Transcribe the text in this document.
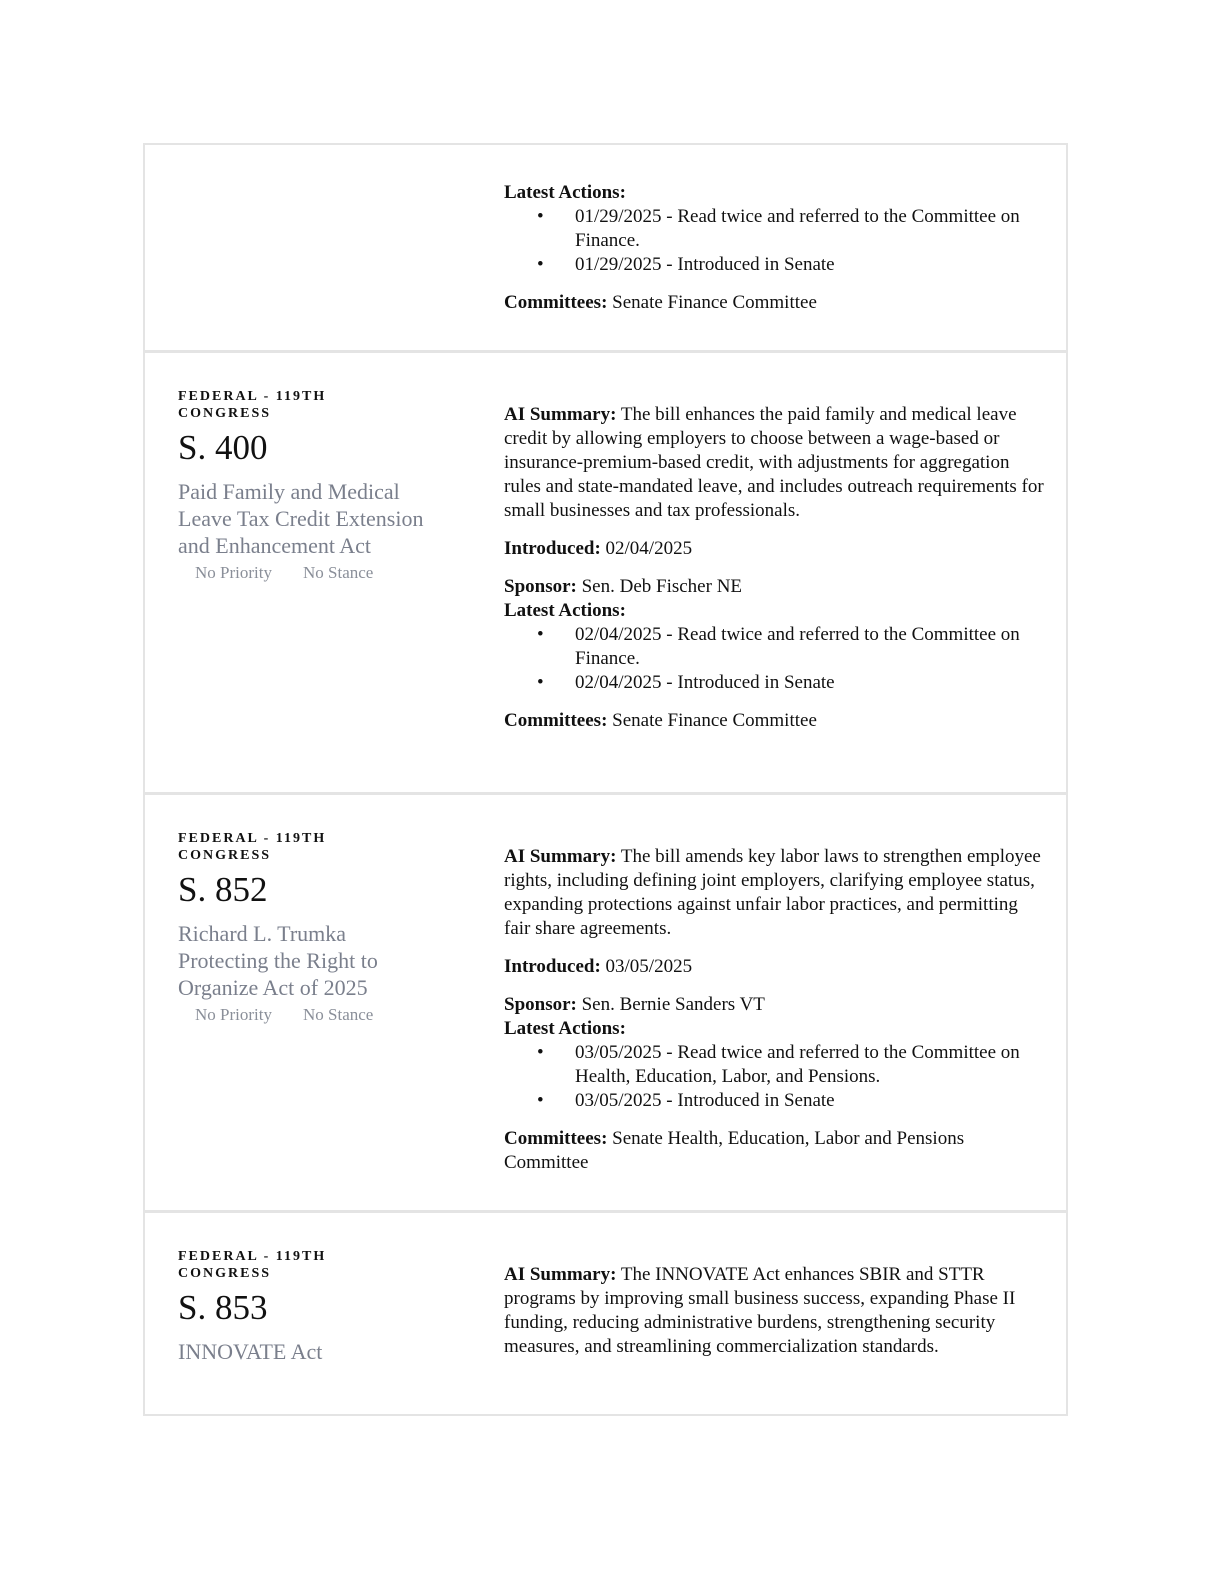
Latest Actions:

• 01/29/2025 - Read twice and referred to the Committee on Finance.
• 01/29/2025 - Introduced in Senate

Committees: Senate Finance Committee

FEDERAL - 119TH CONGRESS
S. 400
Paid Family and Medical Leave Tax Credit Extension and Enhancement Act
No Priority No Stance

AI Summary: The bill enhances the paid family and medical leave credit by allowing employers to choose between a wage-based or insurance-premium-based credit, with adjustments for aggregation rules and state-mandated leave, and includes outreach requirements for small businesses and tax professionals.

Introduced: 02/04/2025

Sponsor: Sen. Deb Fischer NE

Latest Actions:

• 02/04/2025 - Read twice and referred to the Committee on Finance.
• 02/04/2025 - Introduced in Senate

Committees: Senate Finance Committee

FEDERAL - 119TH CONGRESS
S. 852
Richard L. Trumka Protecting the Right to Organize Act of 2025
No Priority No Stance

AI Summary: The bill amends key labor laws to strengthen employee rights, including defining joint employers, clarifying employee status, expanding protections against unfair labor practices, and permitting fair share agreements.

Introduced: 03/05/2025

Sponsor: Sen. Bernie Sanders VT

Latest Actions:

• 03/05/2025 - Read twice and referred to the Committee on Health, Education, Labor, and Pensions.
• 03/05/2025 - Introduced in Senate

Committees: Senate Health, Education, Labor and Pensions Committee

FEDERAL - 119TH CONGRESS
S. 853
INNOVATE Act

AI Summary: The INNOVATE Act enhances SBIR and STTR programs by improving small business success, expanding Phase II funding, reducing administrative burdens, strengthening security measures, and streamlining commercialization standards.
